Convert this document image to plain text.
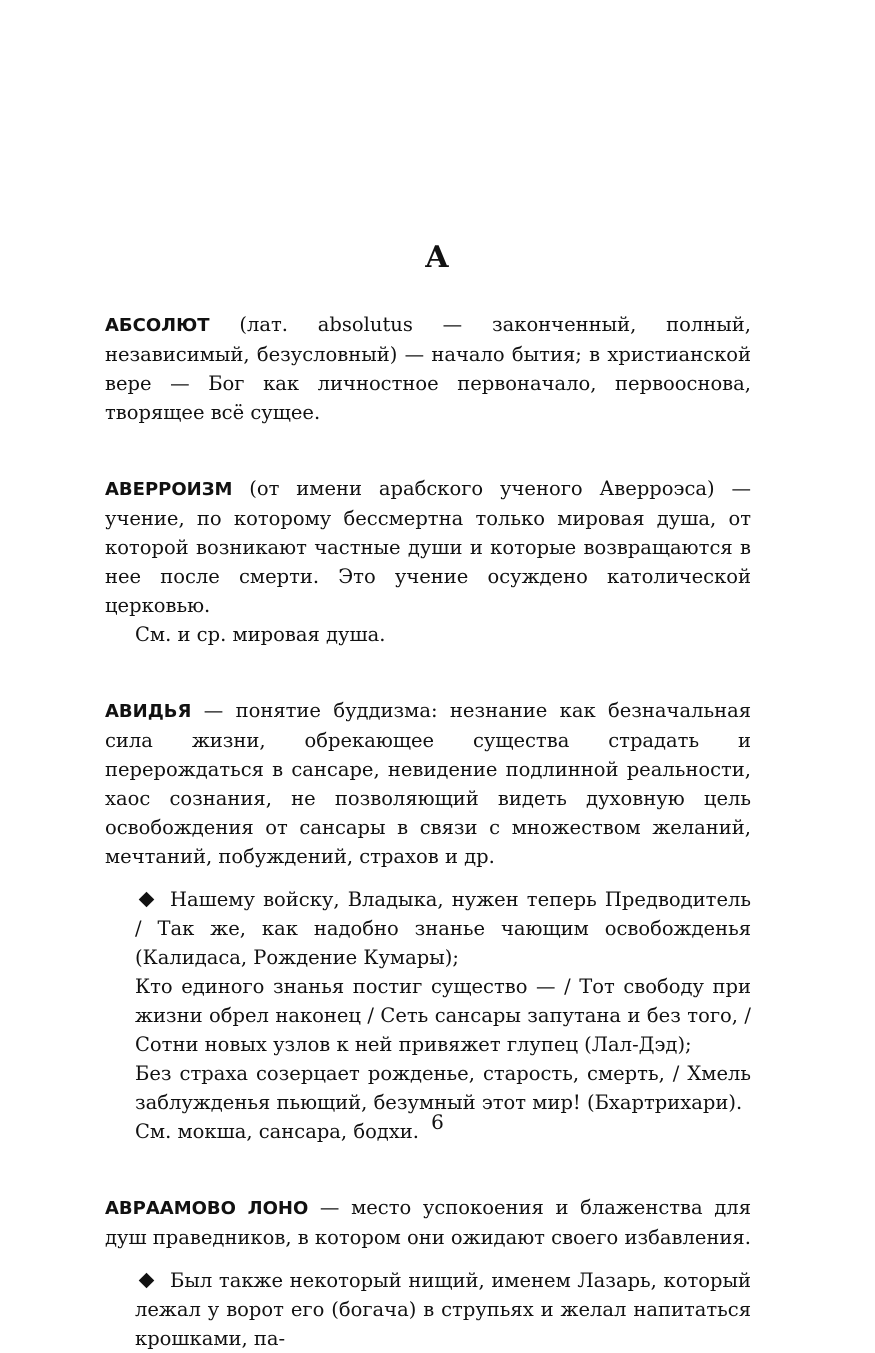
А

АБСОЛЮТ (лат. absolutus — законченный, полный, независимый, безусловный) — начало бытия; в христианской вере — Бог как личностное первоначало, первооснова, творящее всё сущее.

АВЕРРОИЗМ (от имени арабского ученого Аверроэса) — учение, по которому бессмертна только мировая душа, от которой возникают частные души и которые возвращаются в нее после смерти. Это учение осуждено католической церковью.

См. и ср. мировая душа.

АВИДЬЯ — понятие буддизма: незнание как безначальная сила жизни, обрекающее существа страдать и перерождаться в сансаре, невидение подлинной реальности, хаос сознания, не позволяющий видеть духовную цель освобождения от сансары в связи с множеством желаний, мечтаний, побуждений, страхов и др.

Нашему войску, Владыка, нужен теперь Предводитель / Так же, как надобно знанье чающим освобожденья (Калидаса, Рождение Кумары);

Кто единого знанья постиг существо — / Тот свободу при жизни обрел наконец / Сеть сансары запутана и без того, / Сотни новых узлов к ней привяжет глупец (Лал-Дэд);

Без страха созерцает рожденье, старость, смерть, / Хмель заблужденья пьющий, безумный этот мир! (Бхартрихари).

См. мокша, сансара, бодхи.

АВРААМОВО ЛОНО — место успокоения и блаженства для душ праведников, в котором они ожидают своего избавления.

Был также некоторый нищий, именем Лазарь, который лежал у ворот его (богача) в струпьях и желал напитаться крошками, па-

6
